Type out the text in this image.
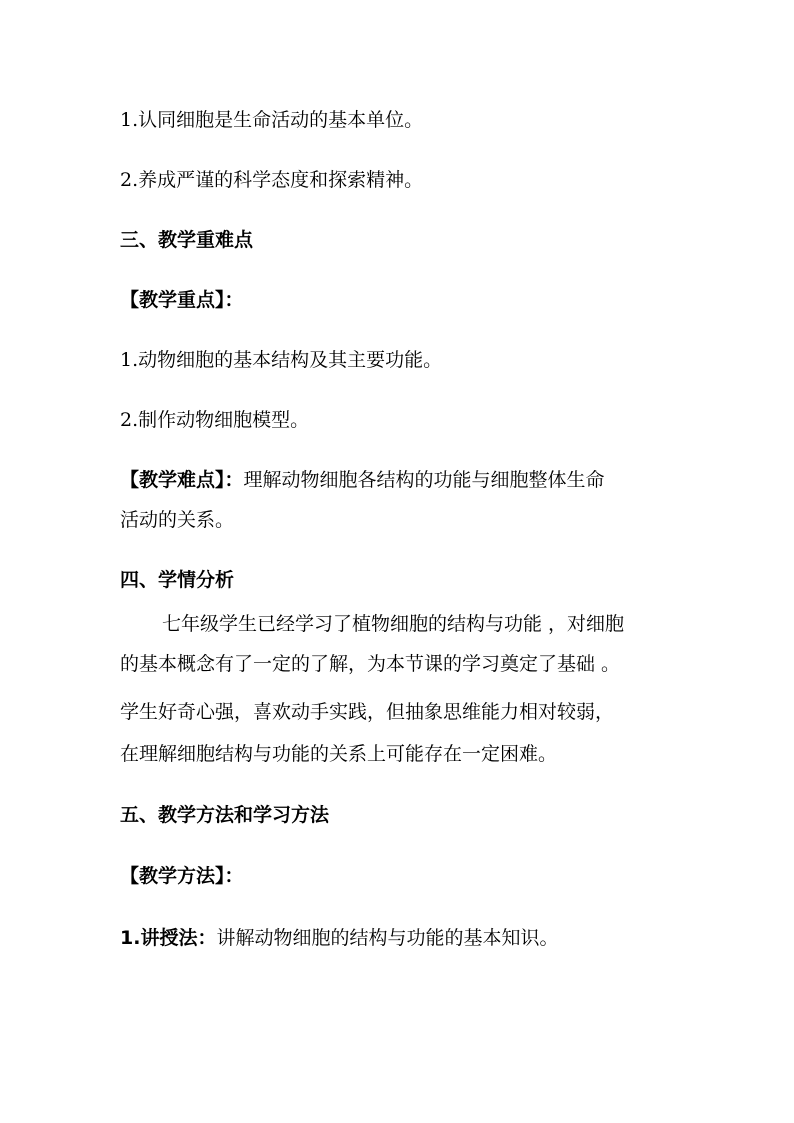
1.认同细胞是生命活动的基本单位。
2.养成严谨的科学态度和探索精神。
三、教学重难点
【教学重点】：
1.动物细胞的基本结构及其主要功能。
2.制作动物细胞模型。
【教学难点】：理解动物细胞各结构的功能与细胞整体生命
活动的关系。
四、学情分析
七年级学生已经学习了植物细胞的结构与功能 ，对细胞
的基本概念有了一定的了解，为本节课的学习奠定了基础 。
学生好奇心强，喜欢动手实践，但抽象思维能力相对较弱，
在理解细胞结构与功能的关系上可能存在一定困难。
五、教学方法和学习方法
【教学方法】：
1.讲授法：讲解动物细胞的结构与功能的基本知识。
